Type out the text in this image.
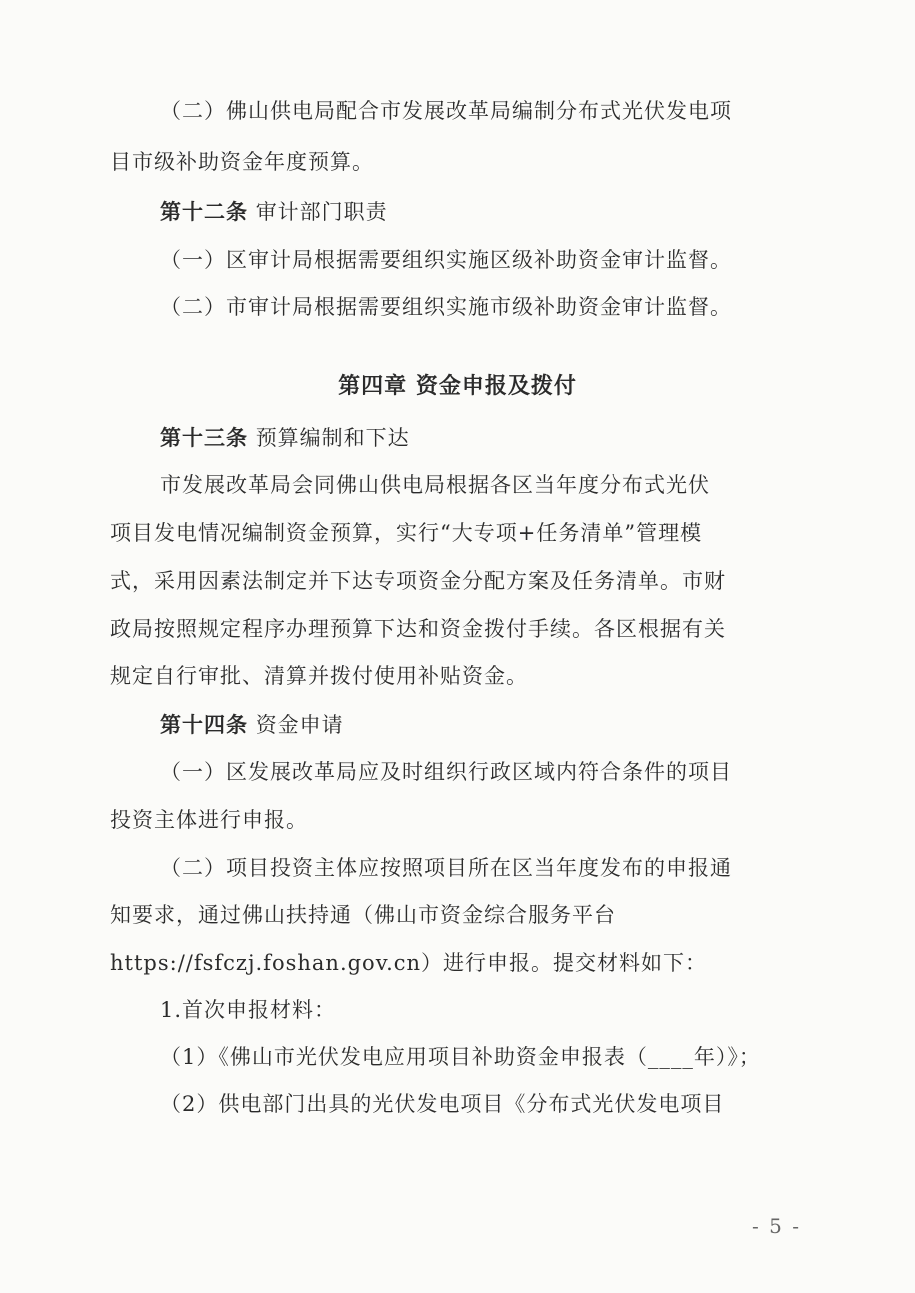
（二）佛山供电局配合市发展改革局编制分布式光伏发电项
目市级补助资金年度预算。
第十二条 审计部门职责
（一）区审计局根据需要组织实施区级补助资金审计监督。
（二）市审计局根据需要组织实施市级补助资金审计监督。
第四章 资金申报及拨付
第十三条 预算编制和下达
市发展改革局会同佛山供电局根据各区当年度分布式光伏
项目发电情况编制资金预算，实行“大专项+任务清单”管理模
式，采用因素法制定并下达专项资金分配方案及任务清单。市财
政局按照规定程序办理预算下达和资金拨付手续。各区根据有关
规定自行审批、清算并拨付使用补贴资金。
第十四条 资金申请
（一）区发展改革局应及时组织行政区域内符合条件的项目
投资主体进行申报。
（二）项目投资主体应按照项目所在区当年度发布的申报通
知要求，通过佛山扶持通（佛山市资金综合服务平台
https://fsfczj.foshan.gov.cn）进行申报。提交材料如下：
1.首次申报材料：
（1）《佛山市光伏发电应用项目补助资金申报表（____年）》；
（2）供电部门出具的光伏发电项目《分布式光伏发电项目
- 5 -
